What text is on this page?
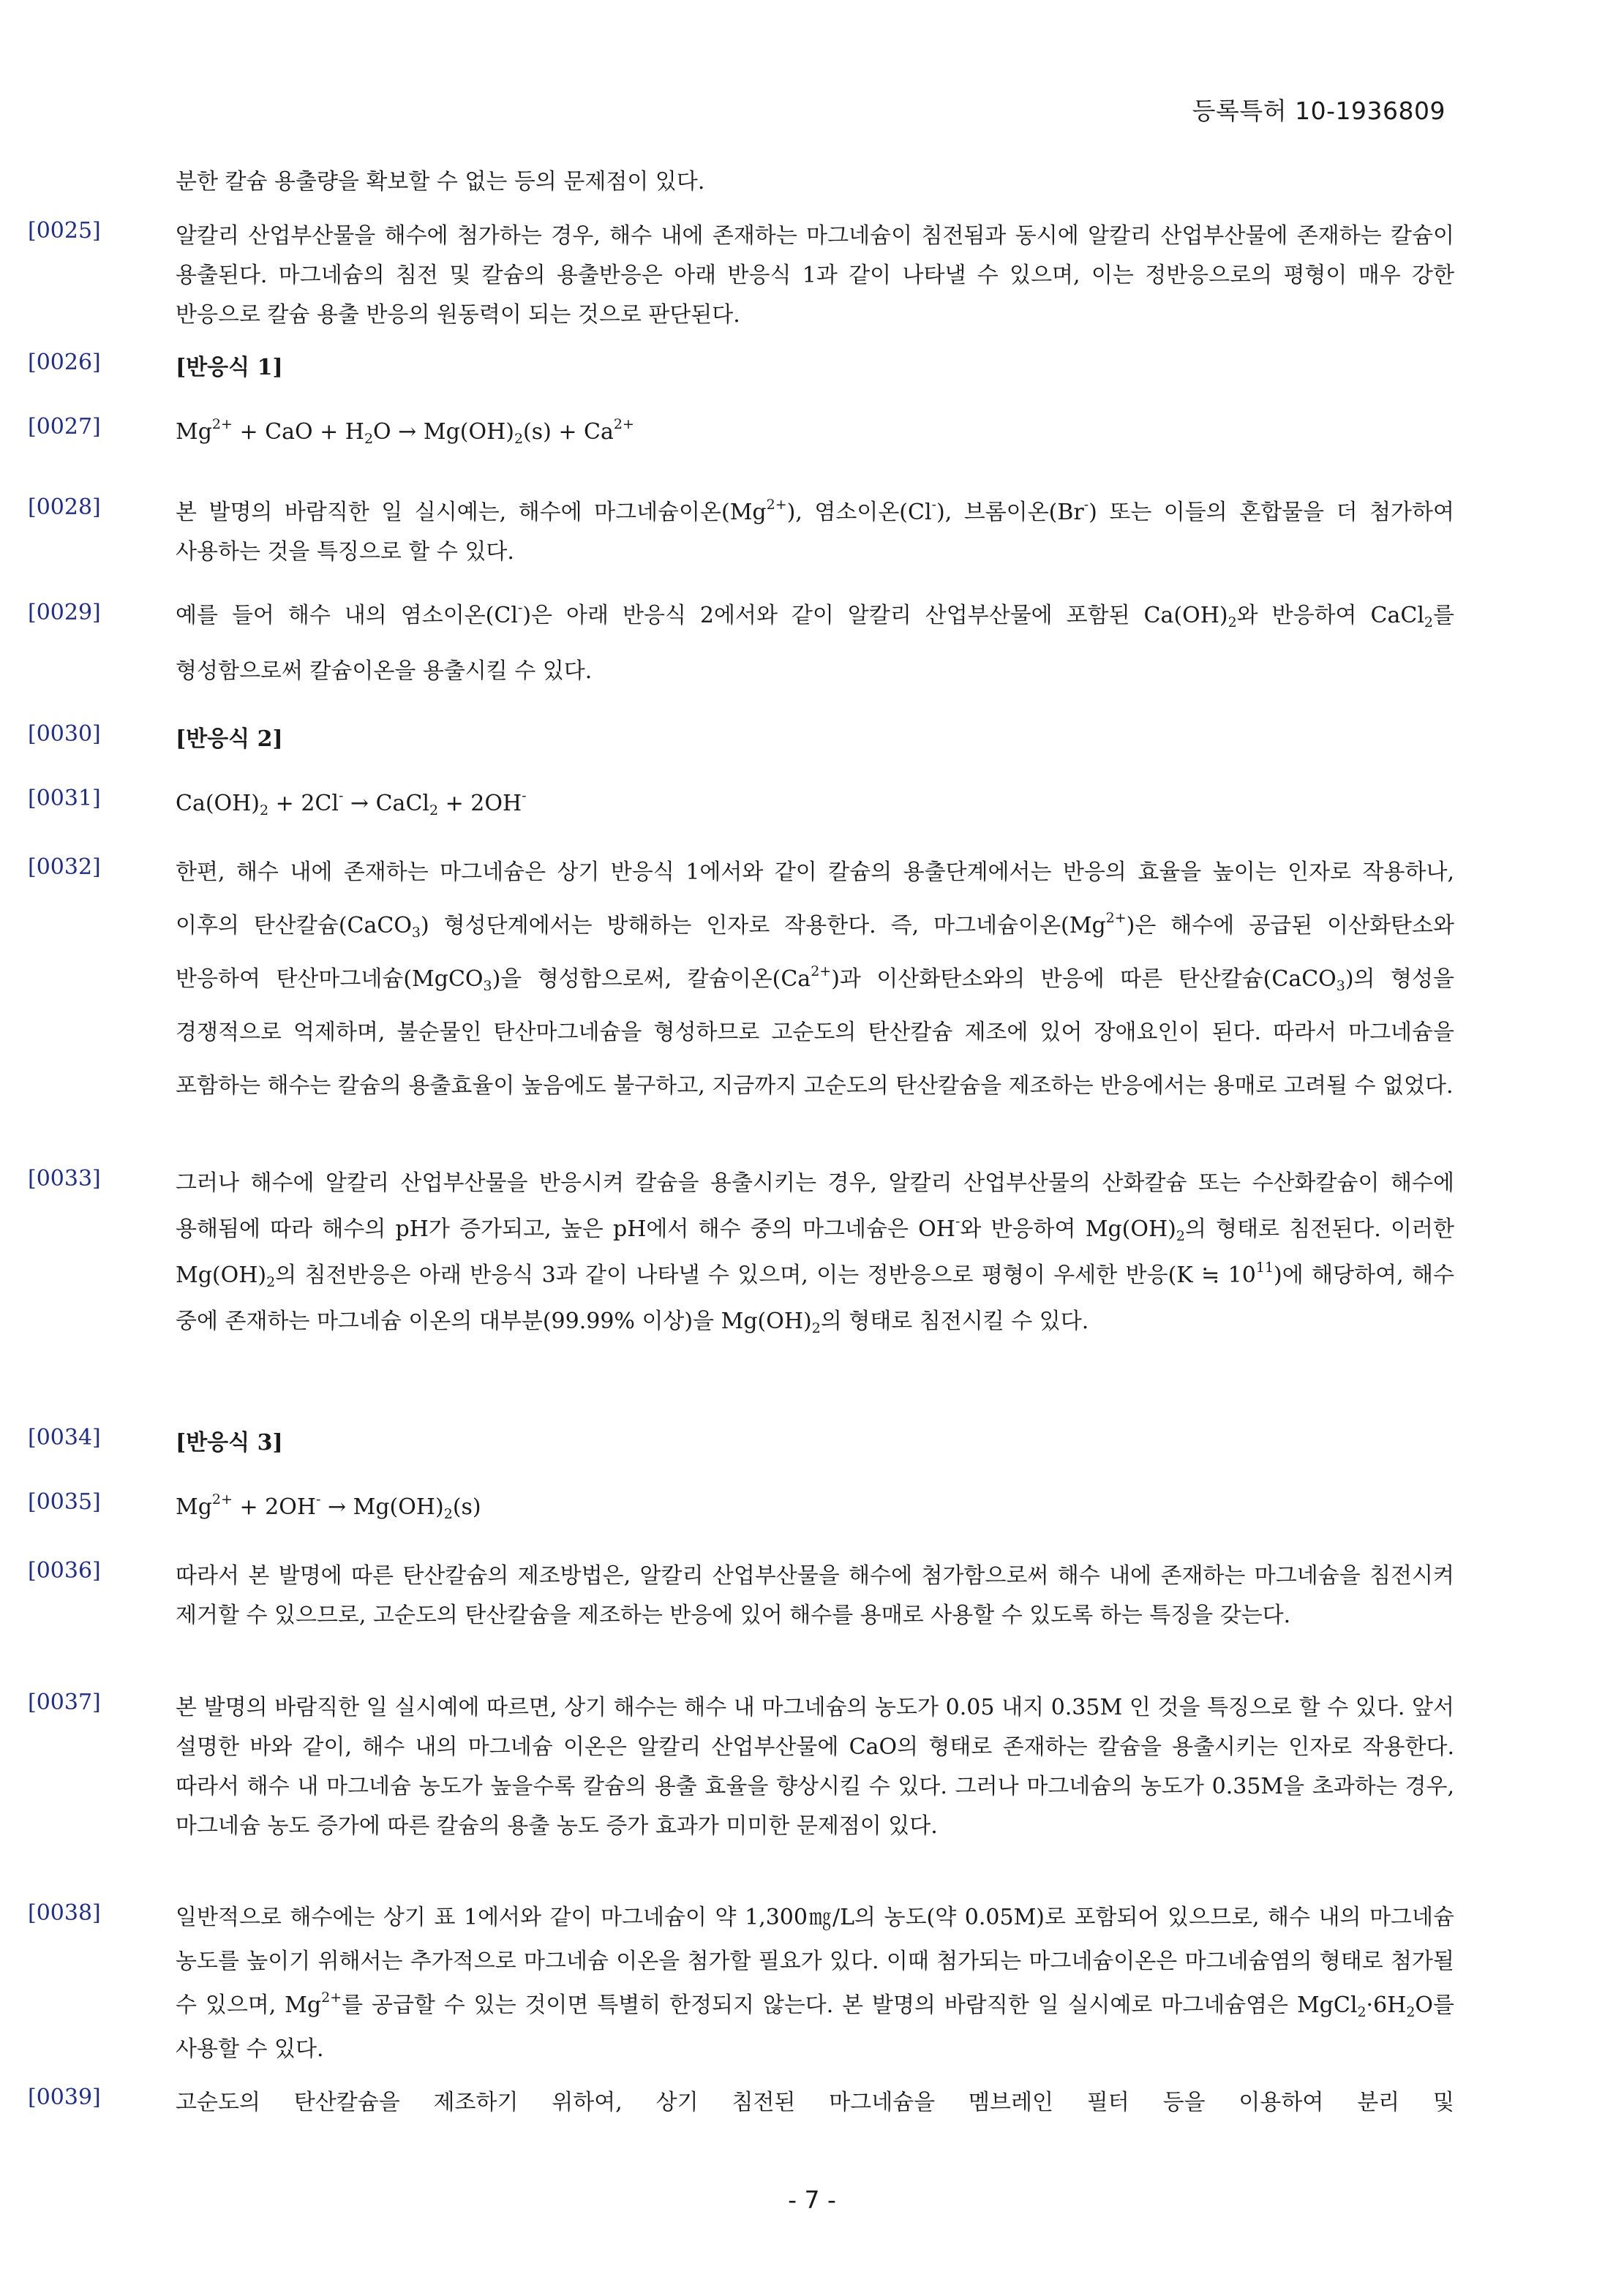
등록특허 10-1936809
분한 칼슘 용출량을 확보할 수 없는 등의 문제점이 있다.
[0025]	알칼리 산업부산물을 해수에 첨가하는 경우, 해수 내에 존재하는 마그네슘이 침전됨과 동시에 알칼리 산업부산물에 존재하는 칼슘이 용출된다. 마그네슘의 침전 및 칼슘의 용출반응은 아래 반응식 1과 같이 나타낼 수 있으며, 이는 정반응으로의 평형이 매우 강한 반응으로 칼슘 용출 반응의 원동력이 되는 것으로 판단된다.
[0026]	[반응식 1]
[0027]	$Mg^{2+}$ + CaO + $H_2O \to Mg(OH)_2(s) + Ca^{2+}$
[0028]	본 발명의 바람직한 일 실시예는, 해수에 마그네슘이온$(Mg^{2+})$, 염소이온(Cl-), 브롬이온(Br-) 또는 이들의 혼합물을 더 첨가하여 사용하는 것을 특징으로 할 수 있다.
[0029]	예를 들어 해수 내의 염소이온(Cl-)은 아래 반응식 2에서와 같이 알칼리 산업부산물에 포함된 $Ca(OH)_2$와 반응하여 CaCl$_2$를 형성함으로써 칼슘이온을 용출시킬 수 있다.
[0030]	[반응식 2]
[0031]	$Ca(OH)_2 + 2Cl^-$ → CaCl$_2$ + 2OH-
[0032]	한편, 해수 내에 존재하는 마그네슘은 상기 반응식 1에서와 같이 칼슘의 용출단계에서는 반응의 효율을 높이는 인자로 작용하나, 이후의 탄산칼슘(CaCO$_3$) 형성단계에서는 방해하는 인자로 작용한다. 즉, 마그네슘이온$(Mg^{2+})$은 해수에 공급된 이산화탄소와 반응하여 탄산마그네슘(MgCO$_3$)을 형성함으로써, 칼슘이온$(Ca^{2+})$과 이산화탄소와의 반응에 따른 탄산칼슘(CaCO$_3$)의 형성을 경쟁적으로 억제하며, 불순물인 탄산마그네슘을 형성하므로 고순도의 탄산칼슘 제조에 있어 장애요인이 된다. 따라서 마그네슘을 포함하는 해수는 칼슘의 용출효율이 높음에도 불구하고, 지금까지 고순도의 탄산칼슘을 제조하는 반응에서는 용매로 고려될 수 없었다.
[0033]	그러나 해수에 알칼리 산업부산물을 반응시켜 칼슘을 용출시키는 경우, 알칼리 산업부산물의 산화칼슘 또는 수산화칼슘이 해수에 용해됨에 따라 해수의 pH가 증가되고, 높은 pH에서 해수 중의 마그네슘은 OH-와 반응하여 $Mg(OH)_2$의 형태로 침전된다. 이러한 $Mg(OH)_2$의 침전반응은 아래 반응식 3과 같이 나타낼 수 있으며, 이는 정반응으로 평형이 우세한 반응(K ≒ $10^{11}$)에 해당하여, 해수 중에 존재하는 마그네슘 이온의 대부분(99.99% 이상)을 $Mg(OH)_2$의 형태로 침전시킬 수 있다.
[0034]	[반응식 3]
[0035]	$Mg^{2+} + 2OH^- \to Mg(OH)_2(s)$
[0036]	따라서 본 발명에 따른 탄산칼슘의 제조방법은, 알칼리 산업부산물을 해수에 첨가함으로써 해수 내에 존재하는 마그네슘을 침전시켜 제거할 수 있으므로, 고순도의 탄산칼슘을 제조하는 반응에 있어 해수를 용매로 사용할 수 있도록 하는 특징을 갖는다.
[0037]	본 발명의 바람직한 일 실시예에 따르면, 상기 해수는 해수 내 마그네슘의 농도가 0.05 내지 0.35M 인 것을 특징으로 할 수 있다. 앞서 설명한 바와 같이, 해수 내의 마그네슘 이온은 알칼리 산업부산물에 CaO의 형태로 존재하는 칼슘을 용출시키는 인자로 작용한다. 따라서 해수 내 마그네슘 농도가 높을수록 칼슘의 용출 효율을 향상시킬 수 있다. 그러나 마그네슘의 농도가 0.35M을 초과하는 경우, 마그네슘 농도 증가에 따른 칼슘의 용출 농도 증가 효과가 미미한 문제점이 있다.
[0038]	일반적으로 해수에는 상기 표 1에서와 같이 마그네슘이 약 1,300㎎/L의 농도(약 0.05M)로 포함되어 있으므로, 해수 내의 마그네슘 농도를 높이기 위해서는 추가적으로 마그네슘 이온을 첨가할 필요가 있다. 이때 첨가되는 마그네슘이온은 마그네슘염의 형태로 첨가될 수 있으며, $Mg^{2+}$를 공급할 수 있는 것이면 특별히 한정되지 않는다. 본 발명의 바람직한 일 실시예로 마그네슘염은 $MgCl_2\cdot 6H_2O$를 사용할 수 있다.
[0039]	고순도의 탄산칼슘을 제조하기 위하여, 상기 침전된 마그네슘을 멤브레인 필터 등을 이용하여 분리 및
- 7 -
